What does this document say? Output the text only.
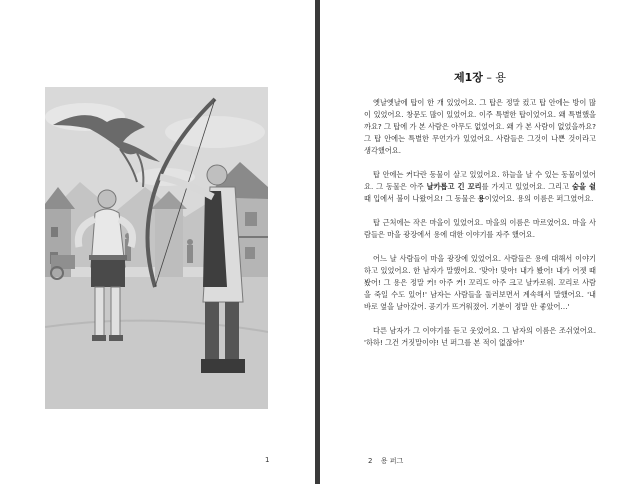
1
제1장 – 용

옛날옛날에 탑이 한 개 있었어요. 그 탑은 정말 컸고 탑 안에는 방이 많이 있었어요. 창문도 많이 있었어요. 이주 특별한 탑이었어요. 왜 특별했을까요? 그 탑에 가 본 사람은 아무도 없었어요. 왜 가 본 사람이 없었을까요? 그 탑 안에는 특별한 무언가가 있었어요. 사람들은 그것이 나쁜 것이라고 생각했어요.

탑 안에는 커다란 동물이 살고 있었어요. 하늘을 날 수 있는 동물이었어요. 그 동물은 아주 날카롭고 긴 꼬리를 가지고 있었어요. 그리고 숨을 쉴 때 입에서 불이 나왔어요! 그 동물은 용이었어요. 용의 이름은 퍼그였어요.

탑 근처에는 작은 마을이 있었어요. 마을의 이름은 마르였어요. 마을 사람들은 마을 광장에서 용에 대한 이야기를 자주 했어요.

어느 날 사람들이 마을 광장에 있었어요. 사람들은 용에 대해서 이야기하고 있었어요. 한 남자가 말했어요. '맞아! 맞아! 내가 봤어! 내가 어젯 때 봤어! 그 용은 정말 커! 아주 커! 꼬리도 아주 크고 날카로워. 꼬리로 사람을 죽일 수도 있어!' 남자는 사람들을 둘러보면서 계속해서 말했어요. '내 바로 옆을 날아갔어. 공기가 뜨거워졌어. 기분이 정말 안 좋았어…'

다른 남자가 그 이야기를 듣고 웃었어요. 그 남자의 이름은 조쉬였어요. '하하! 그건 거짓말이야! 넌 퍼그를 본 적이 없잖아!'

2 용 퍼그
